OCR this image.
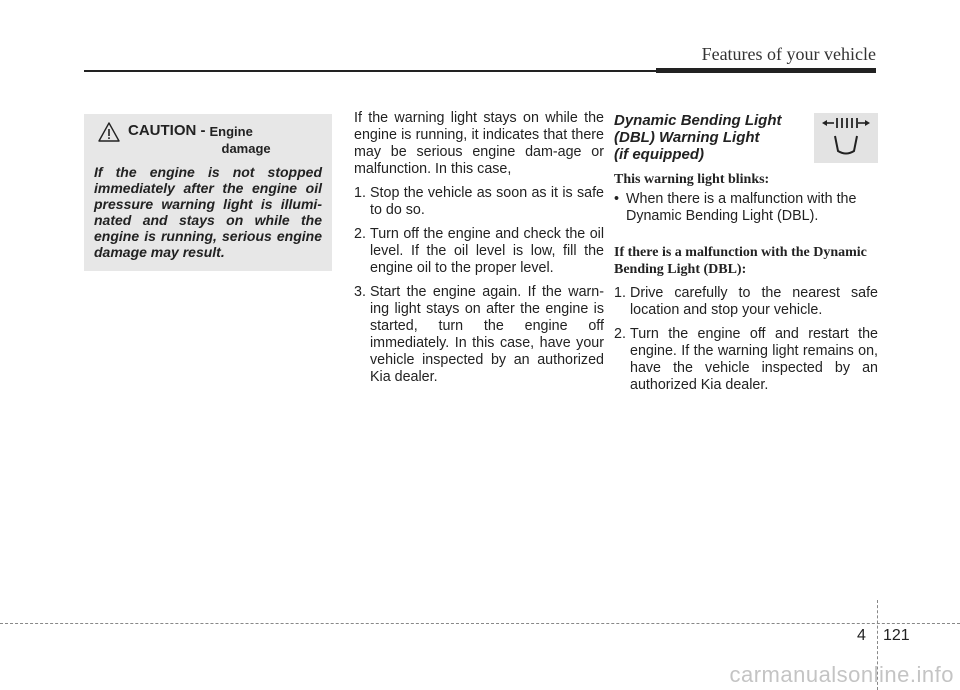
Features of your vehicle
CAUTION - Engine
damage
If the engine is not stopped immediately after the engine oil pressure warning light is illumi-nated and stays on while the engine is running, serious engine damage may result.

If the warning light stays on while the engine is running, it indicates that there may be serious engine dam-age or malfunction. In this case,

1. Stop the vehicle as soon as it is safe to do so.
2. Turn off the engine and check the oil level. If the oil level is low, fill the engine oil to the proper level.
3. Start the engine again. If the warn-ing light stays on after the engine is started, turn the engine off immediately. In this case, have your vehicle inspected by an authorized Kia dealer.
Dynamic Bending Light
(DBL) Warning Light
(if equipped)
This warning light blinks:
• When there is a malfunction with the Dynamic Bending Light (DBL).
If there is a malfunction with the Dynamic Bending Light (DBL):
1. Drive carefully to the nearest safe location and stop your vehicle.
2. Turn the engine off and restart the engine. If the warning light remains on, have the vehicle inspected by an authorized Kia dealer.
4 121
carmanualsonline.info
